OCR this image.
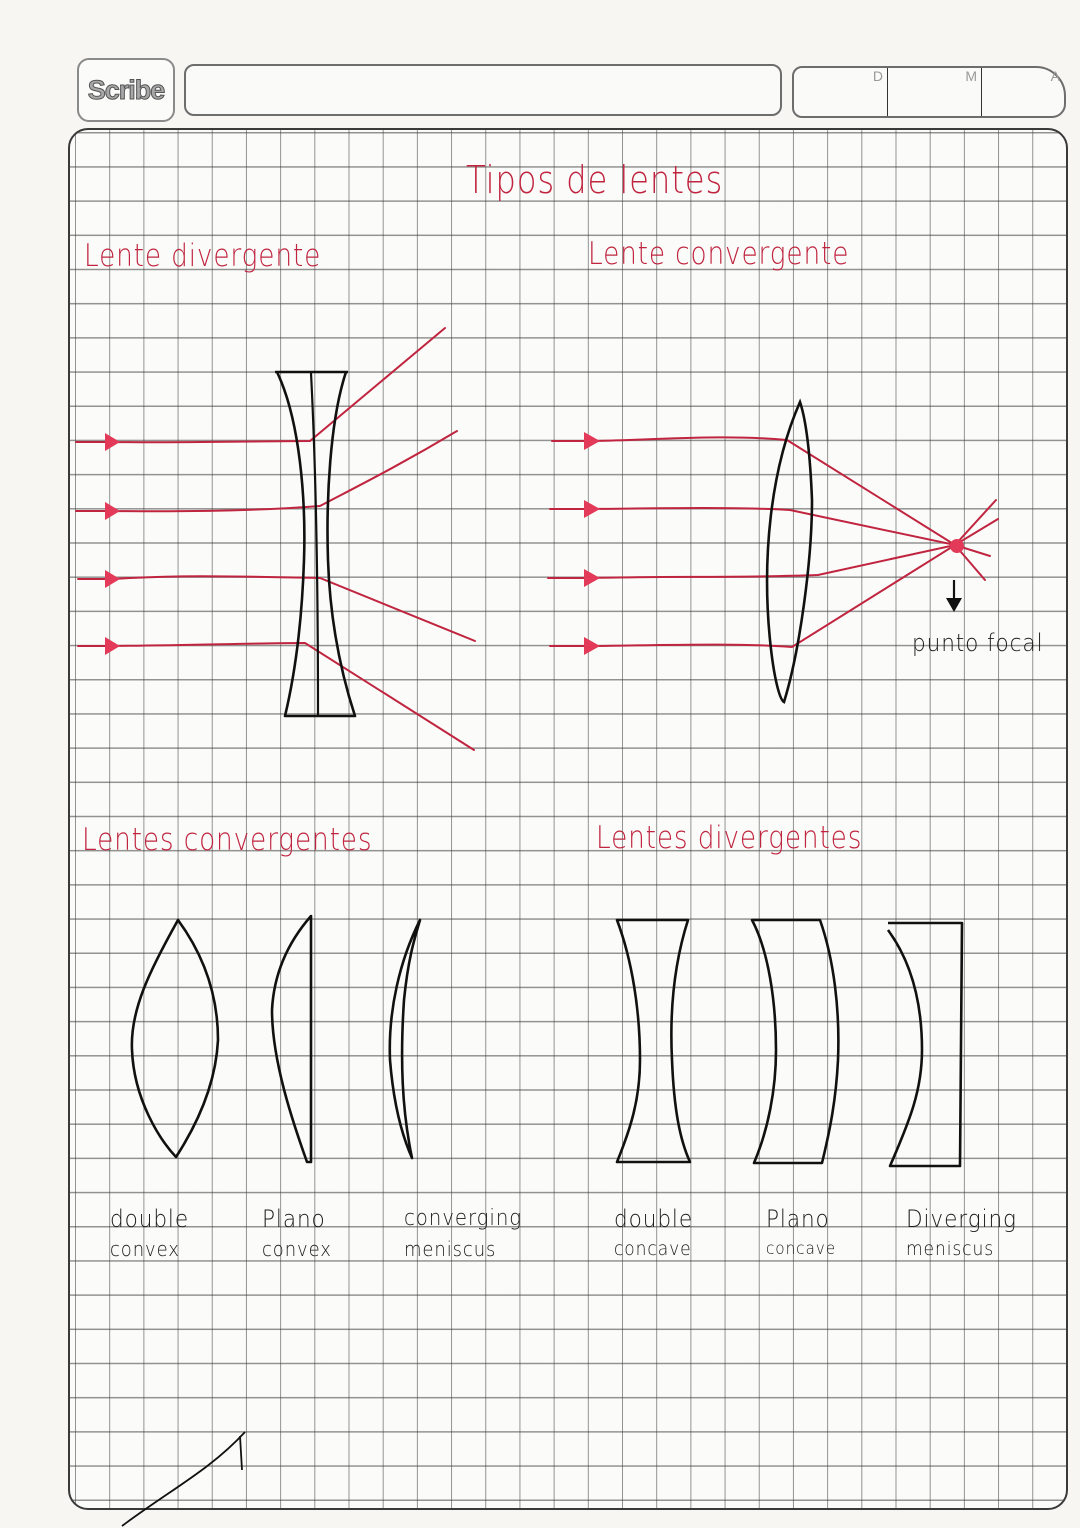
Scribe	D	M	A
Tipos de lentes
Lente divergente	Lente convergente
Lentes convergentes	Lentes divergentes
punto focal
double
convex
Plano
convex
converging
meniscus
double
concave
Plano
concave
Diverging
meniscus
